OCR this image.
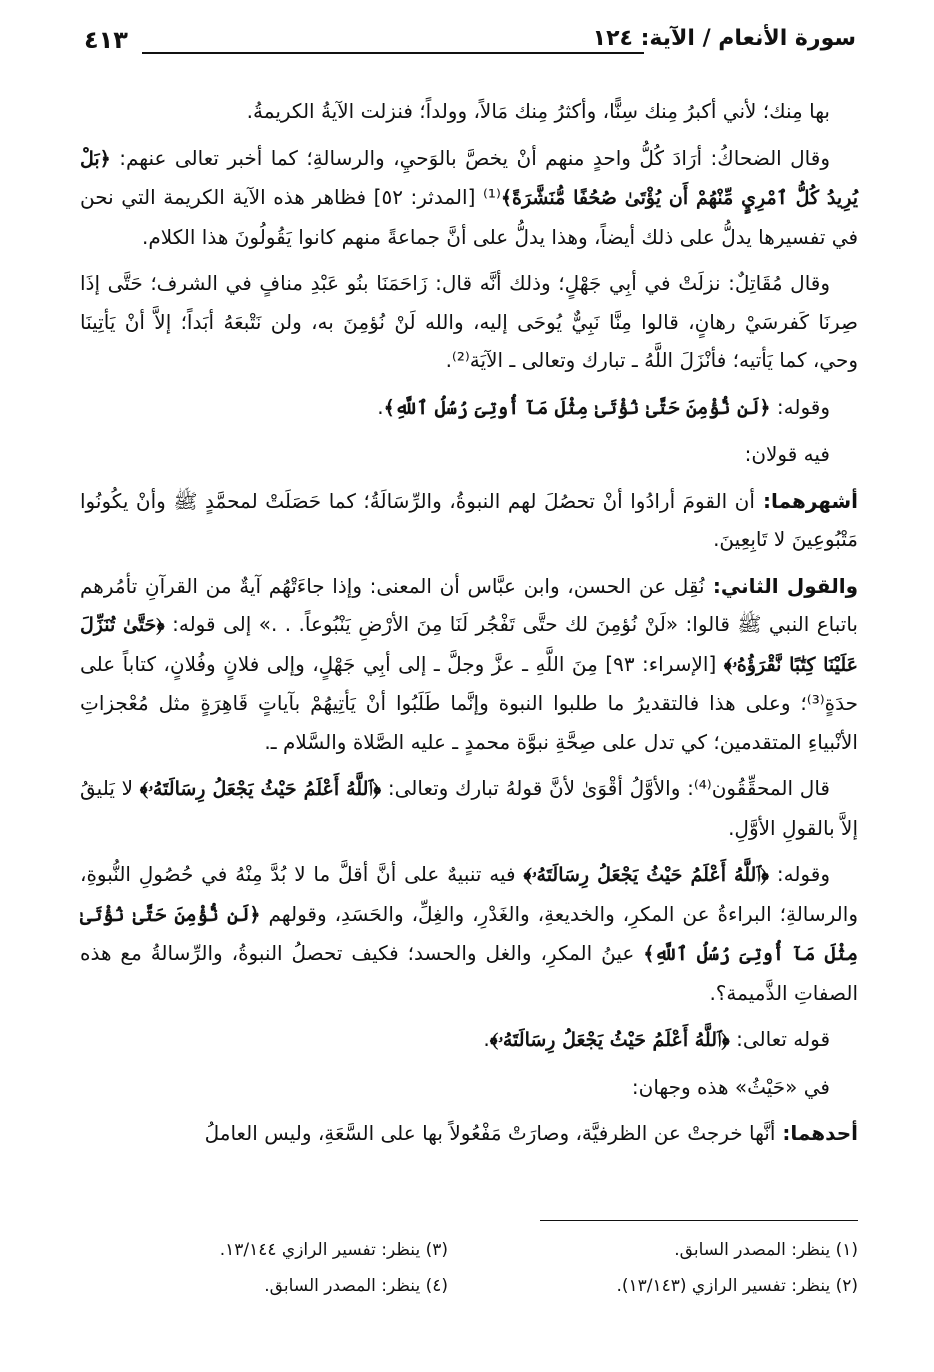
سورة الأنعام / الآية: ١٢٤
٤١٣

بها مِنك؛ لأني أكبرُ مِنك سِنًّا، وأكثرُ مِنك مَالاً، وولداً؛ فنزلت الآيةُ الكريمةُ.

وقال الضحاكُ: أرَادَ كُلُّ واحدٍ منهم أنْ يخصَّ بالوَحيِ، والرسالةِ؛ كما أخبر تعالى عنهم: ﴿بَلْ يُرِيدُ كُلُّ ٱمْرِيٍٕ مِّنْهُمْ أَن يُؤْتَىٰ صُحُفًا مُّنَشَّرَةً﴾⁽¹⁾ [المدثر: ٥٢] فظاهر هذه الآية الكريمة التي نحن في تفسيرها يدلُّ على ذلك أيضاً، وهذا يدلُّ على أنَّ جماعةً منهم كانوا يَقُولُونَ هذا الكلام.

وقال مُقَاتِلٌ: نزلَتْ في أبِي جَهْلٍ؛ وذلك أنَّه قال: زَاحَمَنَا بنُو عَبْدِ منافٍ في الشرف؛ حَتَّى إذَا صِرنَا كَفرسَيْ رهانٍ، قالوا مِنَّا نَبِيٌّ يُوحَى إليه، والله لَنْ نُؤمِنَ به، ولن نَتْبعَهُ أبَداً؛ إلاَّ أنْ يَأتِينَا وحي، كما يَأتيه؛ فأنْزَلَ اللَّهُ ـ تبارك وتعالى ـ الآيَة⁽²⁾.

وقوله: ﴿لَن نُّؤْمِنَ حَتَّىٰ نُؤْتَىٰ مِثْلَ مَآ أُوتِىَ رُسُلُ ٱللَّهِ﴾.

فيه قولان:

أشهرهما: أن القومَ أرادُوا أنْ تحصُلَ لهم النبوةُ، والرِّسَالَةُ؛ كما حَصَلَتْ لمحمَّدٍ ﷺ وأنْ يكُونُوا مَتْبُوعِينَ لا تَابِعِينَ.

والقول الثاني: نُقِل عن الحسن، وابن عبَّاس أن المعنى: وإذا جاءَتْهُم آيةٌ من القرآنِ تأمُرهم باتباع النبي ﷺ قالوا: «لَنْ نُؤمِنَ لك حتَّى تَفْجُر لَنَا مِنَ الأرْضِ يَنْبُوعاً. . .» إلى قوله: ﴿حَتَّىٰ تُنَزِّلَ عَلَيْنَا كِتَٰبًا نَّقْرَؤُهُۥ﴾ [الإسراء: ٩٣] مِنَ اللَّهِ ـ عزَّ وجلَّ ـ إلى أبِي جَهْلٍ، وإلى فلانٍ وفُلانٍ، كتاباً على حدَةٍ⁽³⁾؛ وعلى هذا فالتقديرُ ما طلبوا النبوة وإنَّما طَلَبُوا أنْ يَأتِيهُمْ بآياتٍ قَاهِرَةٍ مثل مُعْجزاتِ الأنْبياءِ المتقدمين؛ كي تدل على صِحَّةِ نبوَّة محمدٍ ـ عليه الصَّلاة والسَّلام ـ.

قال المحقِّقُون⁽⁴⁾: والأوَّلُ أقْوَىٰ لأنَّ قولهُ تبارك وتعالى: ﴿ٱللَّهُ أَعْلَمُ حَيْثُ يَجْعَلُ رِسَالَتَهُۥ﴾ لا يَليقُ إلاَّ بالقولِ الأوَّلِ.

وقوله: ﴿ٱللَّهُ أَعْلَمُ حَيْثُ يَجْعَلُ رِسَالَتَهُۥ﴾ فيه تنبيهٌ على أنَّ أقلَّ ما لا بُدَّ مِنْهُ في حُصُولِ النُّبوةِ، والرسالةِ؛ البراءةُ عن المكرِ، والخديعةِ، والغَدْرِ، والغِلِّ، والحَسَدِ، وقولهم ﴿لَن نُّؤْمِنَ حَتَّىٰ نُؤْتَىٰ مِثْلَ مَآ أُوتِىَ رُسُلُ ٱللَّهِ﴾ عينُ المكرِ، والغل والحسد؛ فكيف تحصلُ النبوةُ، والرِّسالةُ مع هذه الصفاتِ الذَّميمة؟.

قوله تعالى: ﴿ٱللَّهُ أَعْلَمُ حَيْثُ يَجْعَلُ رِسَالَتَهُۥ﴾.

في «حَيْثُ» هذه وجهان:

أحدهما: أنَّها خرجتْ عن الظرفيَّة، وصارَتْ مَفْعُولاً بها على السَّعَةِ، وليس العاملُ

(١) ينظر: المصدر السابق.
(٢) ينظر: تفسير الرازي (١٣/١٤٣).
(٣) ينظر: تفسير الرازي ١٣/١٤٤.
(٤) ينظر: المصدر السابق.
